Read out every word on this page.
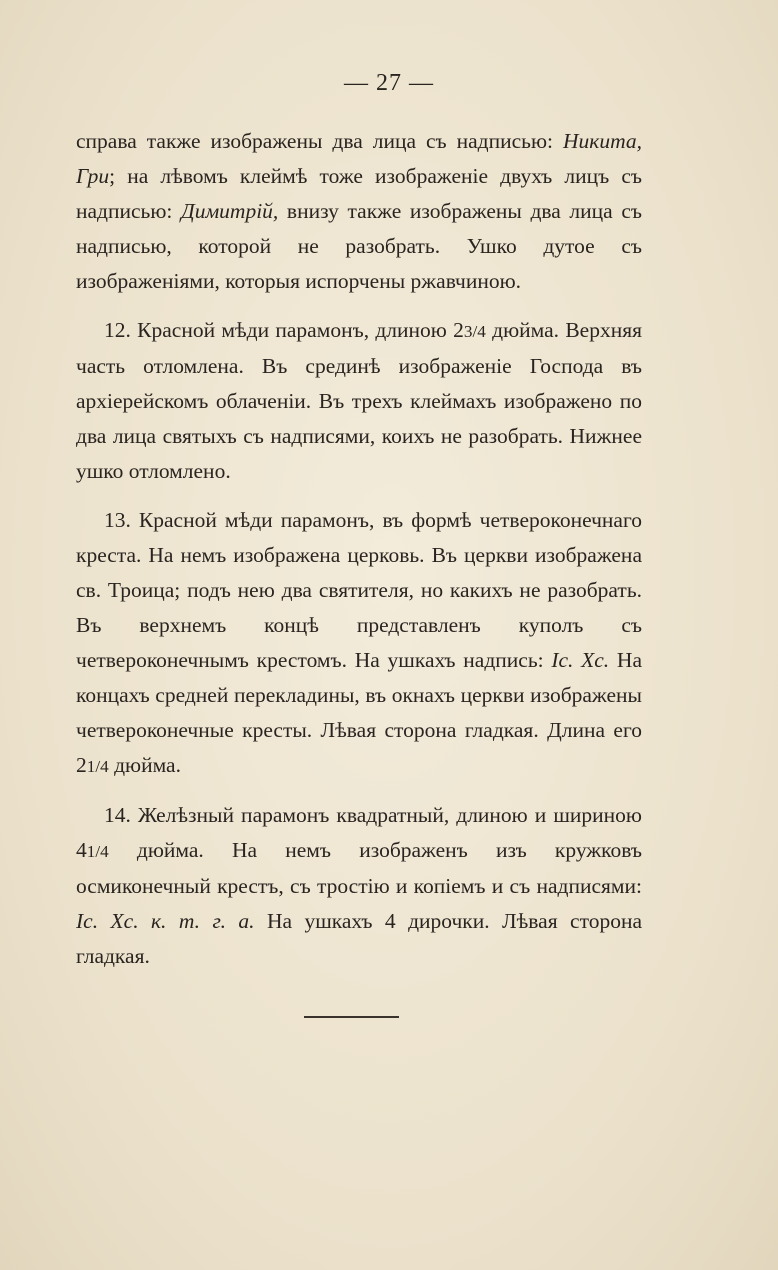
— 27 —

справа также изображены два лица съ надписью: Никита, Гри; на лѣвомъ клеймѣ тоже изображеніе двухъ лицъ съ надписью: Димитрій, внизу также изображены два лица съ надписью, которой не разобрать. Ушко дутое съ изображеніями, которыя испорчены ржавчиною.

12. Красной мѣди парамонъ, длиною 23/4 дюйма. Верхняя часть отломлена. Въ срединѣ изображеніе Господа въ архіерейскомъ облаченіи. Въ трехъ клеймахъ изображено по два лица святыхъ съ надписями, коихъ не разобрать. Нижнее ушко отломлено.

13. Красной мѣди парамонъ, въ формѣ четвероконечнаго креста. На немъ изображена церковь. Въ церкви изображена св. Троица; подъ нею два святителя, но какихъ не разобрать. Въ верхнемъ концѣ представленъ куполъ съ четвероконечнымъ крестомъ. На ушкахъ надпись: Іс. Хс. На концахъ средней перекладины, въ окнахъ церкви изображены четвероконечные кресты. Лѣвая сторона гладкая. Длина его 21/4 дюйма.

14. Желѣзный парамонъ квадратный, длиною и шириною 41/4 дюйма. На немъ изображенъ изъ кружковъ осмиконечный крестъ, съ тростію и копіемъ и съ надписями: Іс. Хс. к. т. г. а. На ушкахъ 4 дирочки. Лѣвая сторона гладкая.
